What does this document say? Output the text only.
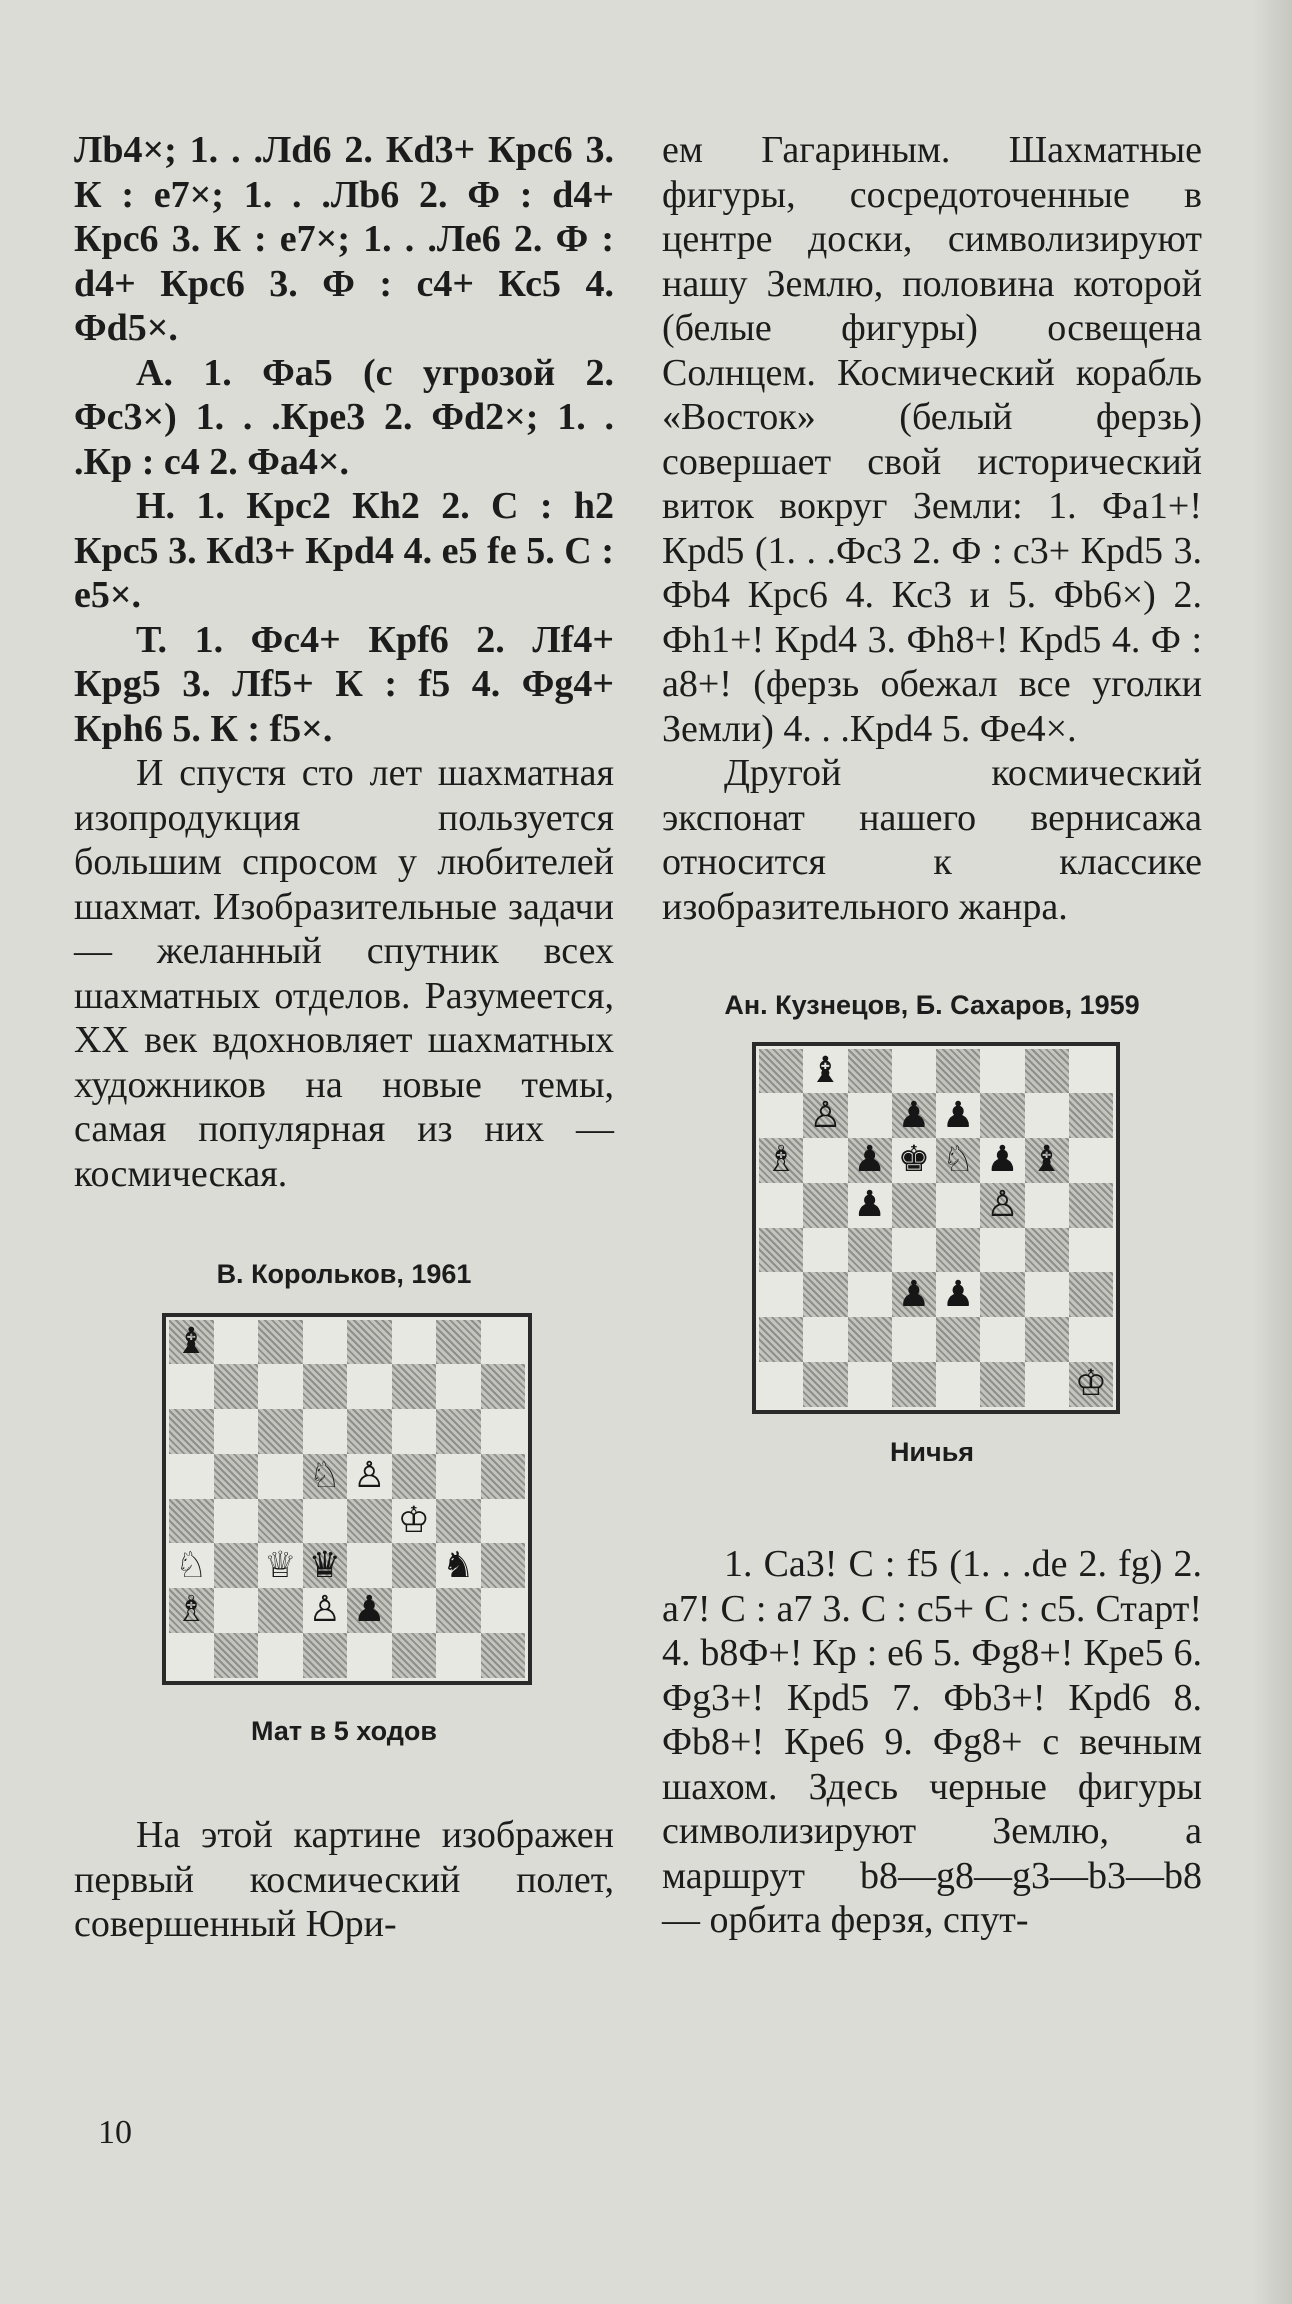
Лb4×; 1. . .Лd6 2. Кd3+ Крс6 3. К : е7×; 1. . .Лb6 2. Ф : d4+ Крс6 3. К : е7×; 1. . .Ле6 2. Ф : d4+ Крс6 3. Ф : с4+ Кс5 4. Фd5×.

А. 1. Фа5 (с угрозой 2. Фс3×) 1. . .Кре3 2. Фd2×; 1. . .Кр : с4 2. Фа4×.

Н. 1. Крс2 Кh2 2. С : h2 Крс5 3. Кd3+ Крd4 4. е5 fe 5. С : е5×.

Т. 1. Фс4+ Крf6 2. Лf4+ Крg5 3. Лf5+ К : f5 4. Фg4+ Крh6 5. К : f5×.

И спустя сто лет шахматная изопродукция пользуется большим спросом у любителей шахмат. Изобразительные задачи — желанный спутник всех шахматных отделов. Разумеется, XX век вдохновляет шахматных художников на новые темы, самая популярная из них — космическая.

В. Корольков, 1961
♝
♘ ♙
♔
♘ ♕ ♛	♞
♗	♙ ♟
Мат в 5 ходов

На этой картине изображен первый космический полет, совершенный Юри-

ем Гагариным. Шахматные фигуры, сосредоточенные в центре доски, символизируют нашу Землю, половина которой (белые фигуры) освещена Солнцем. Космический корабль «Восток» (белый ферзь) совершает свой исторический виток вокруг Земли: 1. Фа1+! Крd5 (1. . .Фс3 2. Ф : с3+ Крd5 3. Фb4 Крс6 4. Кс3 и 5. Фb6×) 2. Фh1+! Крd4 3. Фh8+! Крd5 4. Ф : а8+! (ферзь обежал все уголки Земли) 4. . .Крd4 5. Фе4×.

Другой космический экспонат нашего вернисажа относится к классике изобразительного жанра.

Ан. Кузнецов, Б. Сахаров, 1959
♝
♙ ♟ ♟
♗ ♟ ♚ ♘ ♟ ♝
♟	♙
♟ ♟
♔
Ничья

1. Са3! С : f5 (1. . .de 2. fg) 2. а7! С : а7 3. С : с5+ С : с5. Старт! 4. b8Ф+! Кр : е6 5. Фg8+! Кре5 6. Фg3+! Крd5 7. Фb3+! Крd6 8. Фb8+! Кре6 9. Фg8+ с вечным шахом. Здесь черные фигуры символизируют Землю, а маршрут b8—g8—g3—b3—b8 — орбита ферзя, спут-

10
